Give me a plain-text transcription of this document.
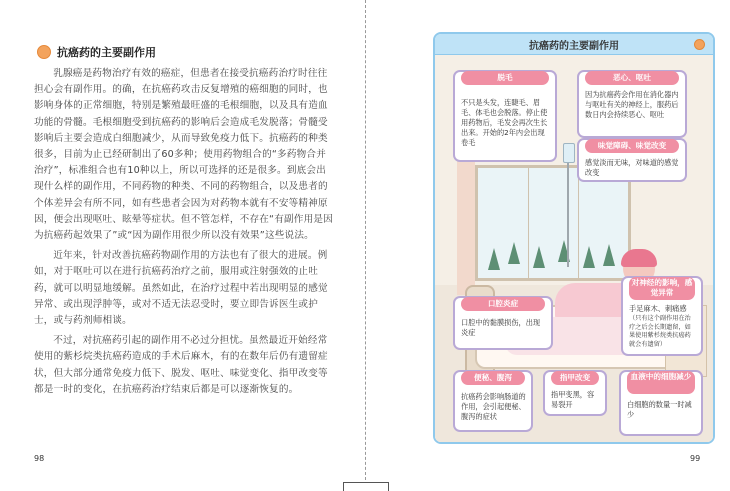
抗癌药的主要副作用

乳腺癌是药物治疗有效的癌症，但患者在接受抗癌药治疗时往往担心会有副作用。的确，在抗癌药攻击反复增殖的癌细胞的同时，也影响身体的正常细胞，特别是繁殖最旺盛的毛根细胞，以及具有造血功能的骨髓。毛根细胞受到抗癌药的影响后会造成毛发脱落；骨髓受影响后主要会造成白细胞减少，从而导致免疫力低下。抗癌药的种类很多，目前为止已经研制出了60多种；使用药物组合的“多药物合并治疗”，标准组合也有10种以上，所以可选择的还是很多。到底会出现什么样的副作用，不同药物的种类、不同的药物组合，以及患者的个体差异会有所不同，如有些患者会因为对药物本就有不安等精神原因，便会出现呕吐、眩晕等症状。但不管怎样，不存在“有副作用是因为抗癌药起效果了”或“因为副作用很少所以没有效果”这些说法。

近年来，针对改善抗癌药物副作用的方法也有了很大的进展。例如，对于呕吐可以在进行抗癌药治疗之前，服用或注射强效的止吐药，就可以明显地缓解。虽然如此，在治疗过程中若出现明显的感觉异常、或出现浮肿等，或对不适无法忍受时，要立即告诉医生或护士，或与药剂师相谈。

不过，对抗癌药引起的副作用不必过分担忧。虽然最近开始经常使用的紫杉烷类抗癌药造成的手术后麻木，有的在数年后仍有遗留症状，但大部分通常免疫力低下、脱发、呕吐、味觉变化、指甲改变等都是一时的变化，在抗癌药治疗结束后都是可以逐渐恢复的。

98	99
抗癌药的主要副作用
脱毛
不只是头发，连睫毛、眉毛、体毛也会脱落。停止使用药物后，毛发会再次生长出来。开始的2年内会出现卷毛
恶心、呕吐
因为抗癌药会作用在消化器内与呕吐有关的神经上，服药后数日内会持续恶心、呕吐
味觉障碍、味觉改变
感觉淡而无味，对味道的感觉改变
对神经的影响，感觉异常
手足麻木、刺痛感
（只有这个副作用在治疗之后会长期遗留，如果使用紫杉烷类抗癌药就会有遗留）
口腔炎症
口腔中的黏膜损伤，出现炎症
便秘、腹泻
抗癌药会影响肠道的作用，会引起便秘、腹泻的症状
指甲改变
指甲变黑，容易裂开
血液中的细胞减少
白细胞的数量一时减少
